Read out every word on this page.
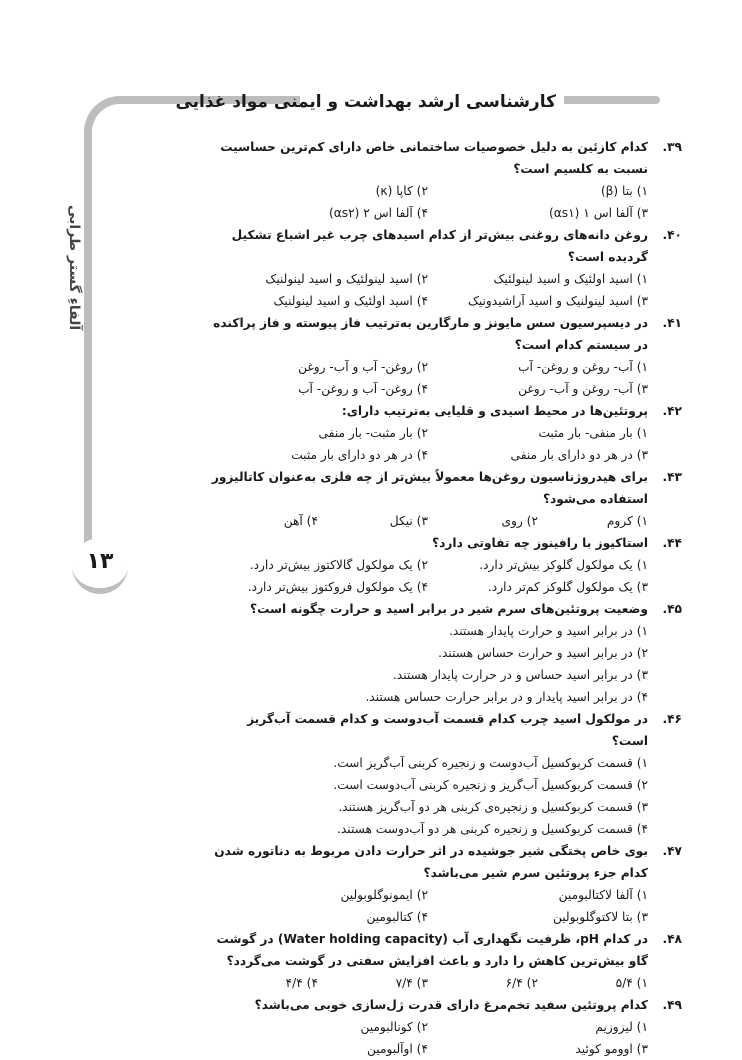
کارشناسی ارشد بهداشت و ایمنی مواد غذایی
آلفاءِ گستر طرابی
۱۳
۳۹.
کدام کازئین به دلیل خصوصیات ساختمانی خاص دارای کم‌ترین حساسیت نسبت به کلسیم است؟
۱) بتا (β)
۲) کاپا (κ)
۳) آلفا اس ۱ (αs۱)
۴) آلفا اس ۲ (αs۲)
۴۰.
روغن دانه‌های روغنی بیش‌تر از کدام اسیدهای چرب غیر اشباع تشکیل گردیده است؟
۱) اسید اولئیک و اسید لینولئیک
۲) اسید لینولئیک و اسید لینولنیک
۳) اسید لینولنیک و اسید آراشیدونیک
۴) اسید اولئیک و اسید لینولنیک
۴۱.
در دیسپرسیون سس مایونز و مارگارین به‌ترتیب فاز پیوسته و فاز پراکنده در سیستم کدام است؟
۱) آب- روغن و روغن- آب
۲) روغن- آب و آب- روغن
۳) آب- روغن و آب- روغن
۴) روغن- آب و روغن- آب
۴۲.
پروتئین‌ها در محیط اسیدی و قلیایی به‌ترتیب دارای:
۱) بار منفی- بار مثبت
۲) بار مثبت- بار منفی
۳) در هر دو دارای بار منفی
۴) در هر دو دارای بار مثبت
۴۳.
برای هیدروژناسیون روغن‌ها معمولاً بیش‌تر از چه فلزی به‌عنوان کاتالیزور استفاده می‌شود؟
۱) کروم
۲) روی
۳) نیکل
۴) آهن
۴۴.
استاکیوز با رافینوز چه تفاوتی دارد؟
۱) یک مولکول گلوکز بیش‌تر دارد.
۲) یک مولکول گالاکتوز بیش‌تر دارد.
۳) یک مولکول گلوکز کم‌تر دارد.
۴) یک مولکول فروکتوز بیش‌تر دارد.
۴۵.
وضعیت پروتئین‌های سرم شیر در برابر اسید و حرارت چگونه است؟
۱) در برابر اسید و حرارت پایدار هستند.
۲) در برابر اسید و حرارت حساس هستند.
۳) در برابر اسید حساس و در حرارت پایدار هستند.
۴) در برابر اسید پایدار و در برابر حرارت حساس هستند.
۴۶.
در مولکول اسید چرب کدام قسمت آب‌دوست و کدام قسمت آب‌گریز است؟
۱) قسمت کربوکسیل آب‌دوست و زنجیره کربنی آب‌گریز است.
۲) قسمت کربوکسیل آب‌گریز و زنجیره کربنی آب‌دوست است.
۳) قسمت کربوکسیل و زنجیره‌ی کربنی هر دو آب‌گریز هستند.
۴) قسمت کربوکسیل و زنجیره کربنی هر دو آب‌دوست هستند.
۴۷.
بوی خاص پختگی شیر جوشیده در اثر حرارت دادن مربوط به دناتوره شدن کدام جزء پروتئین سرم شیر می‌باشد؟
۱) آلفا لاکتالبومین
۲) ایمونوگلوبولین
۳) بتا لاکتوگلوبولین
۴) کتالبومین
۴۸.
در کدام pH، ظرفیت نگهداری آب (Water holding capacity) در گوشت گاو بیش‌ترین کاهش را دارد و باعث افزایش سفتی در گوشت می‌گردد؟
۱) ۵/۴
۲) ۶/۴
۳) ۷/۴
۴) ۴/۴
۴۹.
کدام پروتئین سفید تخم‌مرغ دارای قدرت ژل‌سازی خوبی می‌باشد؟
۱) لیزوزیم
۲) کونالبومین
۳) اوومو کوئید
۴) اوآلبومین
